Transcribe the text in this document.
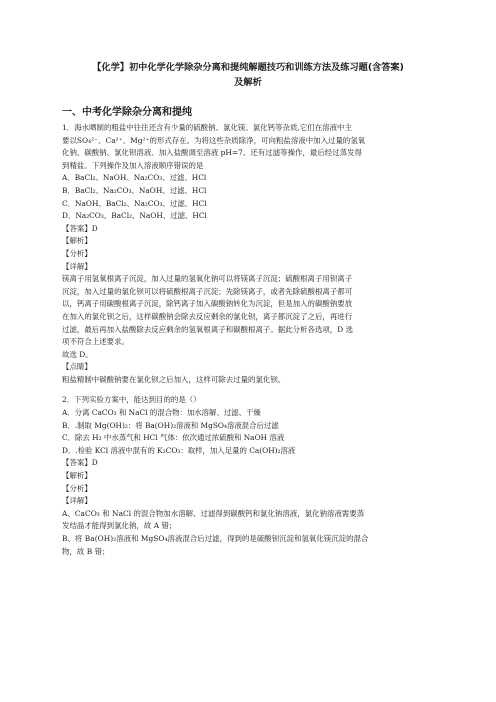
【化学】初中化学化学除杂分离和提纯解题技巧和训练方法及练习题(含答案)
及解析

一、中考化学除杂分离和提纯

1．海水晒制的粗盐中往往还含有少量的硫酸钠、氯化镁、氯化钙等杂质,它们在溶液中主

要以SO₄²⁻、Ca²⁺、Mg²⁺的形式存在。为将这些杂质除净，可向粗盐溶液中加入过量的氢氧

化钠、碳酸钠、氯化钡溶液、加入盐酸调至溶液 pH=7、还有过滤等操作，最后经过蒸发得

到精盐。下列操作及加入溶液顺序错误的是

A．BaCl₂、NaOH、Na₂CO₃、过滤、HCl

B．BaCl₂、Na₂CO₃、NaOH、过滤、HCl

C．NaOH、BaCl₂、Na₂CO₃、过滤、HCl

D．Na₂CO₃、BaCl₂、NaOH、过滤、HCl

【答案】D

【解析】

【分析】

【详解】

镁离子用氢氧根离子沉淀，加入过量的氢氧化钠可以将镁离子沉淀；硫酸根离子用钡离子

沉淀，加入过量的氯化钡可以将硫酸根离子沉淀；先除镁离子，或者先除硫酸根离子都可

以，钙离子用碳酸根离子沉淀，除钙离子加入碳酸钠转化为沉淀，但是加入的碳酸钠要放

在加入的氯化钡之后，这样碳酸钠会除去反应剩余的氯化钡，离子都沉淀了之后，再进行

过滤，最后再加入盐酸除去反应剩余的氢氧根离子和碳酸根离子。据此分析各选项，D 选

项不符合上述要求。

故选 D。

【点睛】

粗盐精制中碳酸钠要在氯化钡之后加入，这样可除去过量的氯化钡。

2．下列实验方案中，能达到目的的是（）

A．分离 CaCO₃ 和 NaCl 的混合物：加水溶解、过滤、干燥

B．.制取 Mg(OH)₂：将 Ba(OH)₂溶液和 MgSO₄溶液混合后过滤

C．除去 H₂ 中水蒸气和 HCl 气体：依次通过浓硫酸和 NaOH 溶液

D．.检验 KCl 溶液中混有的 K₂CO₃：取样，加入足量的 Ca(OH)₂溶液

【答案】D

【解析】

【分析】

【详解】

A、CaCO₃ 和 NaCl 的混合物加水溶解、过滤得到碳酸钙和氯化钠溶液，氯化钠溶液需要蒸

发结晶才能得到氯化钠，故 A 错；

B、将 Ba(OH)₂溶液和 MgSO₄溶液混合后过滤，得到的是硫酸钡沉淀和氢氧化镁沉淀的混合

物，故 B 错；
